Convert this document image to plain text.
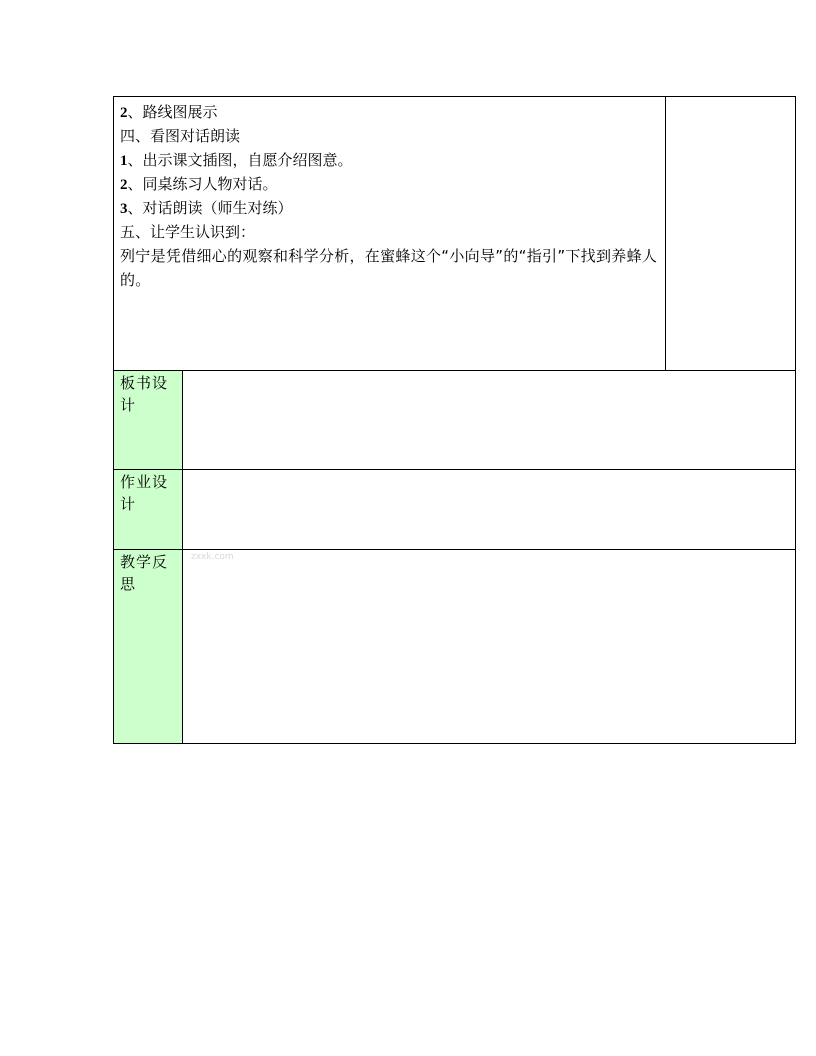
2、路线图展示
四、看图对话朗读
1、出示课文插图，自愿介绍图意。
2、同桌练习人物对话。
3、对话朗读（师生对练）
五、让学生认识到：
列宁是凭借细心的观察和科学分析，在蜜蜂这个“小向导”的“指引”下找到养蜂人的。
板书设计
作业设计
教学反思
zxxk.com
